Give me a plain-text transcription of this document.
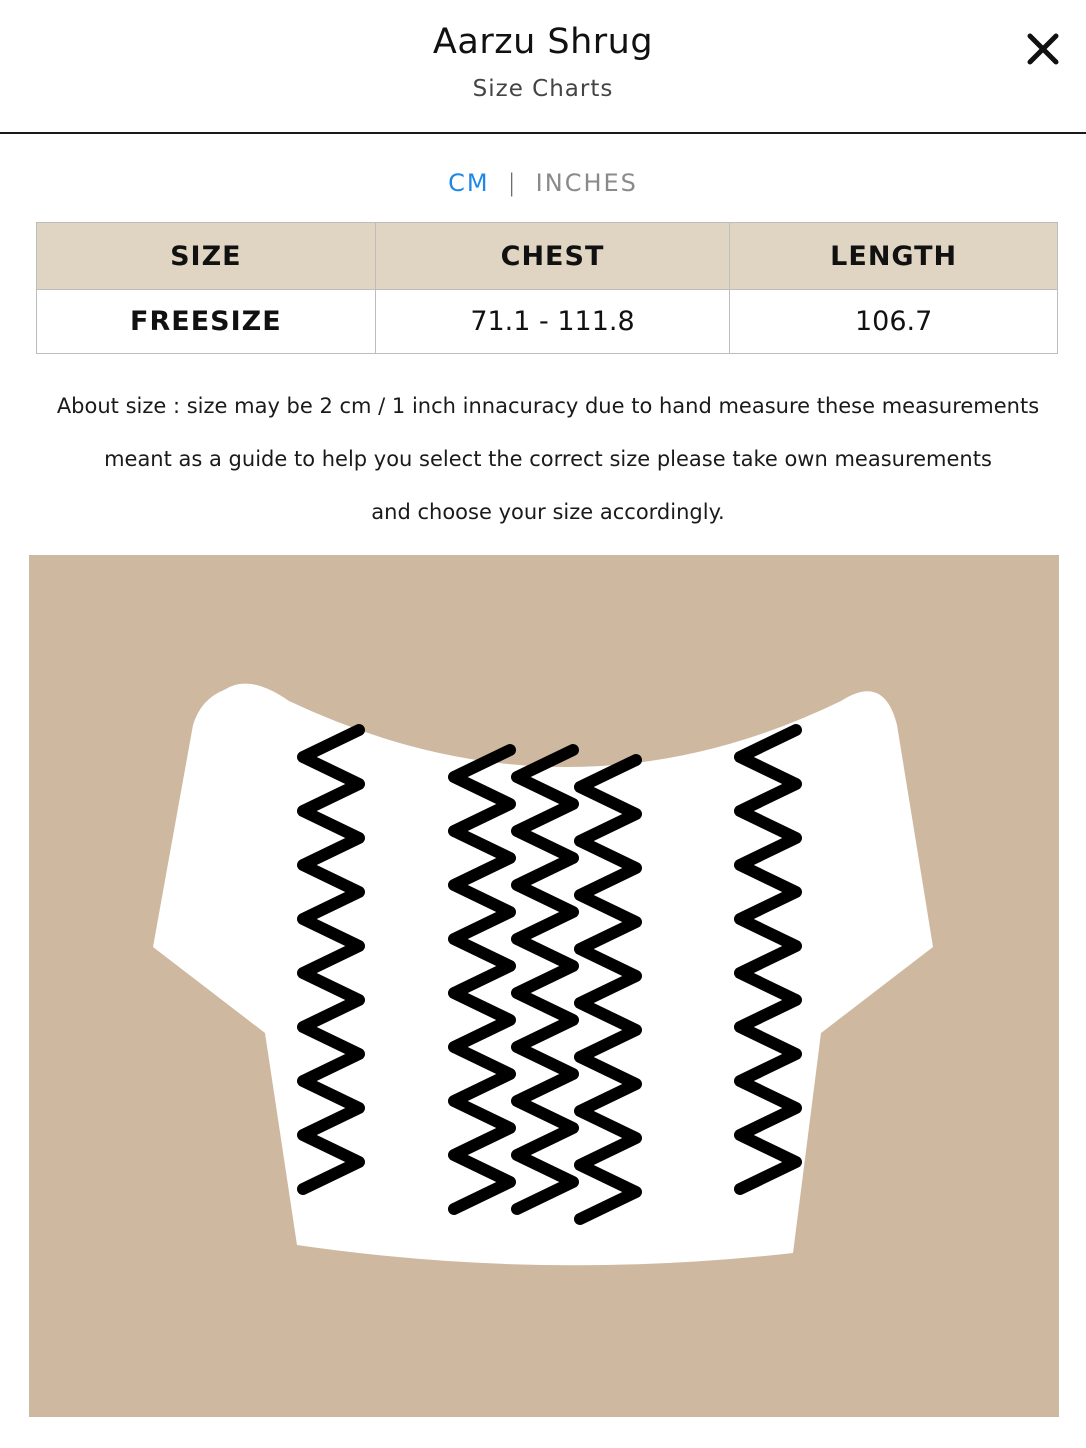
Aarzu Shrug
Size Charts
CM | INCHES
SIZE	CHEST	LENGTH
FREESIZE	71.1 - 111.8	106.7

About size : size may be 2 cm / 1 inch innacuracy due to hand measure these measurements

meant as a guide to help you select the correct size please take own measurements

and choose your size accordingly.
